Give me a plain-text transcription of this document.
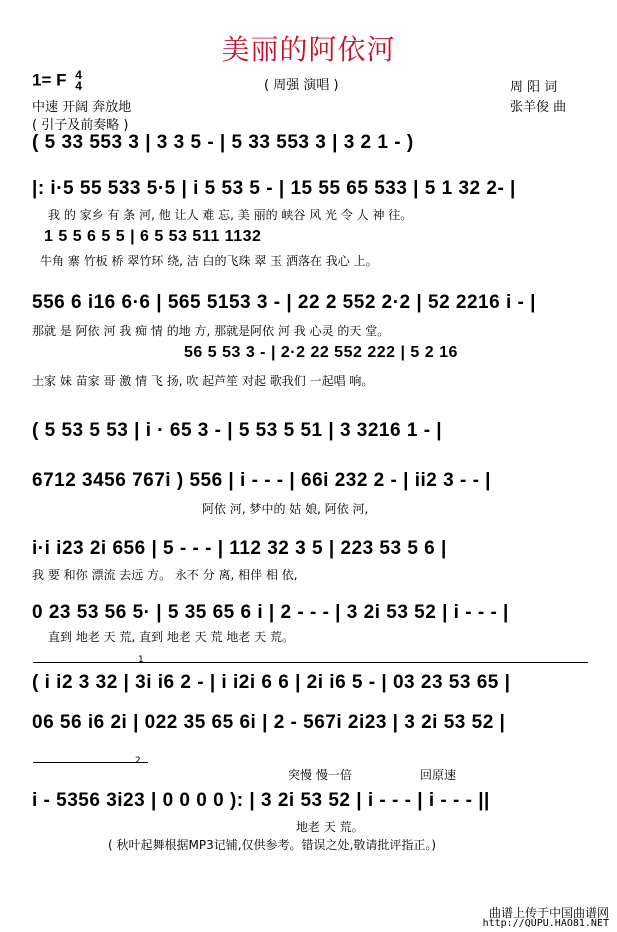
美丽的阿依河
1= F 4
4	( 周强 演唱 )	周 阳 词
中速 开阔 奔放地	张羊俊 曲
( 引子及前奏略 )
( 5 33 553 3 | 3 3 5 - | 5 33 553 3 | 3 2 1 - )
|: i·5 55 533 5·5 | i 5 53 5 - | 15 55 65 533 | 5 1 32 2- |
我 的 家乡 有 条 河, 他 让人 难 忘, 美 丽的 峡谷 风 光 令 人 神 往。
1 5 5 6 5 5 | 6 5 53 511 1132
牛角 寨 竹板 桥 翠竹环 绕, 洁 白的飞珠 翠 玉 洒落在 我心 上。
556 6 i16 6·6 | 565 5153 3 - | 22 2 552 2·2 | 52 2216 i - |
那就 是 阿依 河 我 痴 情 的地 方, 那就是阿依 河 我 心灵 的天 堂。
56 5 53 3 - | 2·2 22 552 222 | 5 2 16
土家 妹 苗家 哥 激 情 飞 扬, 吹 起芦笙 对起 歌我们 一起唱 响。
( 5 53 5 53 | i · 65 3 - | 5 53 5 51 | 3 3216 1 - |
6712 3456 767i ) 556 | i - - - | 66i 232 2 - | ii2 3 - - |
阿依 河, 梦中的 姑 娘, 阿依 河,
i·i i23 2i 656 | 5 - - - | 112 32 3 5 | 223 53 5 6 |
我 要 和你 漂流 去远 方。 永不 分 离, 相伴 相 依,
0 23 53 56 5· | 5 35 65 6 i | 2 - - - | 3 2i 53 52 | i - - - |
直到 地老 天 荒, 直到 地老 天 荒 地老 天 荒。
1
( i i2 3 32 | 3i i6 2 - | i i2i 6 6 | 2i i6 5 - | 03 23 53 65 |
06 56 i6 2i | 022 35 65 6i | 2 - 567i 2i23 | 3 2i 53 52 |
2
突慢 慢一倍	回原速
i - 5356 3i23 | 0 0 0 0 ): | 3 2i 53 52 | i - - - | i - - - ||
地老 天 荒。
( 秋叶起舞根据MP3记铺,仅供参考。错误之处,敬请批评指正。)
曲谱上传于中国曲谱网
http://QUPU.HAO81.NET
